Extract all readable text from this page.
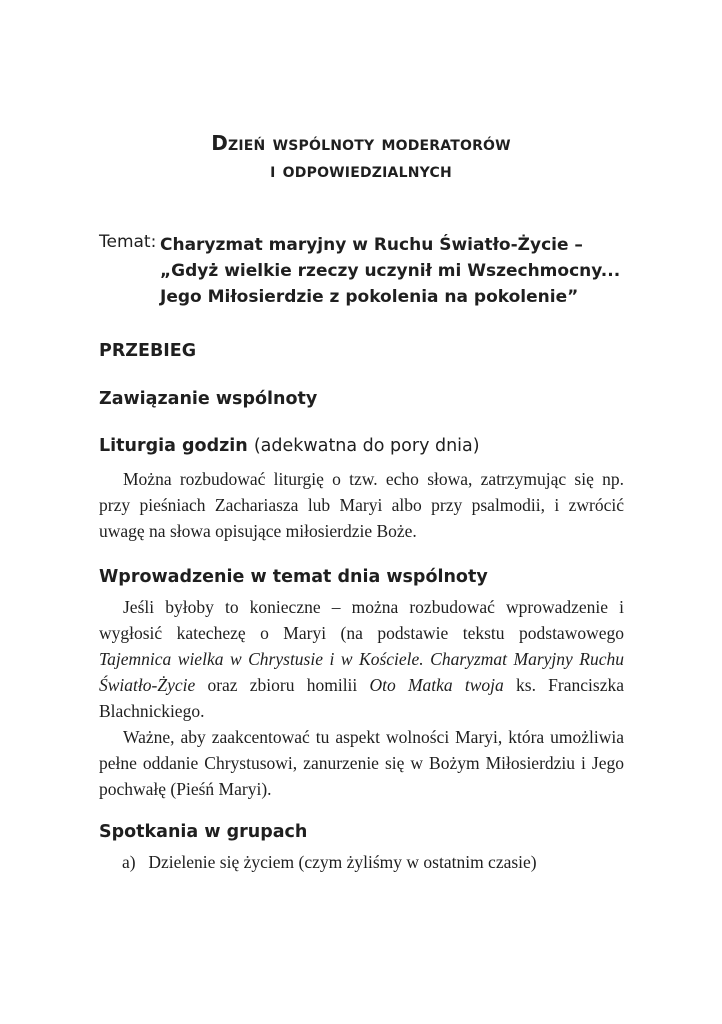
Dzień wspólnoty moderatorów
i odpowiedzialnych
Temat: Charyzmat maryjny w Ruchu Światło-Życie – „Gdyż wielkie rzeczy uczynił mi Wszechmocny... Jego Miłosierdzie z pokolenia na pokolenie”
PRZEBIEG
Zawiązanie wspólnoty
Liturgia godzin (adekwatna do pory dnia)
Można rozbudować liturgię o tzw. echo słowa, zatrzymując się np. przy pieśniach Zachariasza lub Maryi albo przy psalmodii, i zwrócić uwagę na słowa opisujące miłosierdzie Boże.
Wprowadzenie w temat dnia wspólnoty
Jeśli byłoby to konieczne – można rozbudować wprowadzenie i wygłosić katechezę o Maryi (na podstawie tekstu podstawowego Tajemnica wielka w Chrystusie i w Kościele. Charyzmat Maryjny Ruchu Światło-Życie oraz zbioru homilii Oto Matka twoja ks. Franciszka Blachnickiego.
Ważne, aby zaakcentować tu aspekt wolności Maryi, która umożliwia pełne oddanie Chrystusowi, zanurzenie się w Bożym Miłosierdziu i Jego pochwałę (Pieśń Maryi).
Spotkania w grupach
a) Dzielenie się życiem (czym żyliśmy w ostatnim czasie)
